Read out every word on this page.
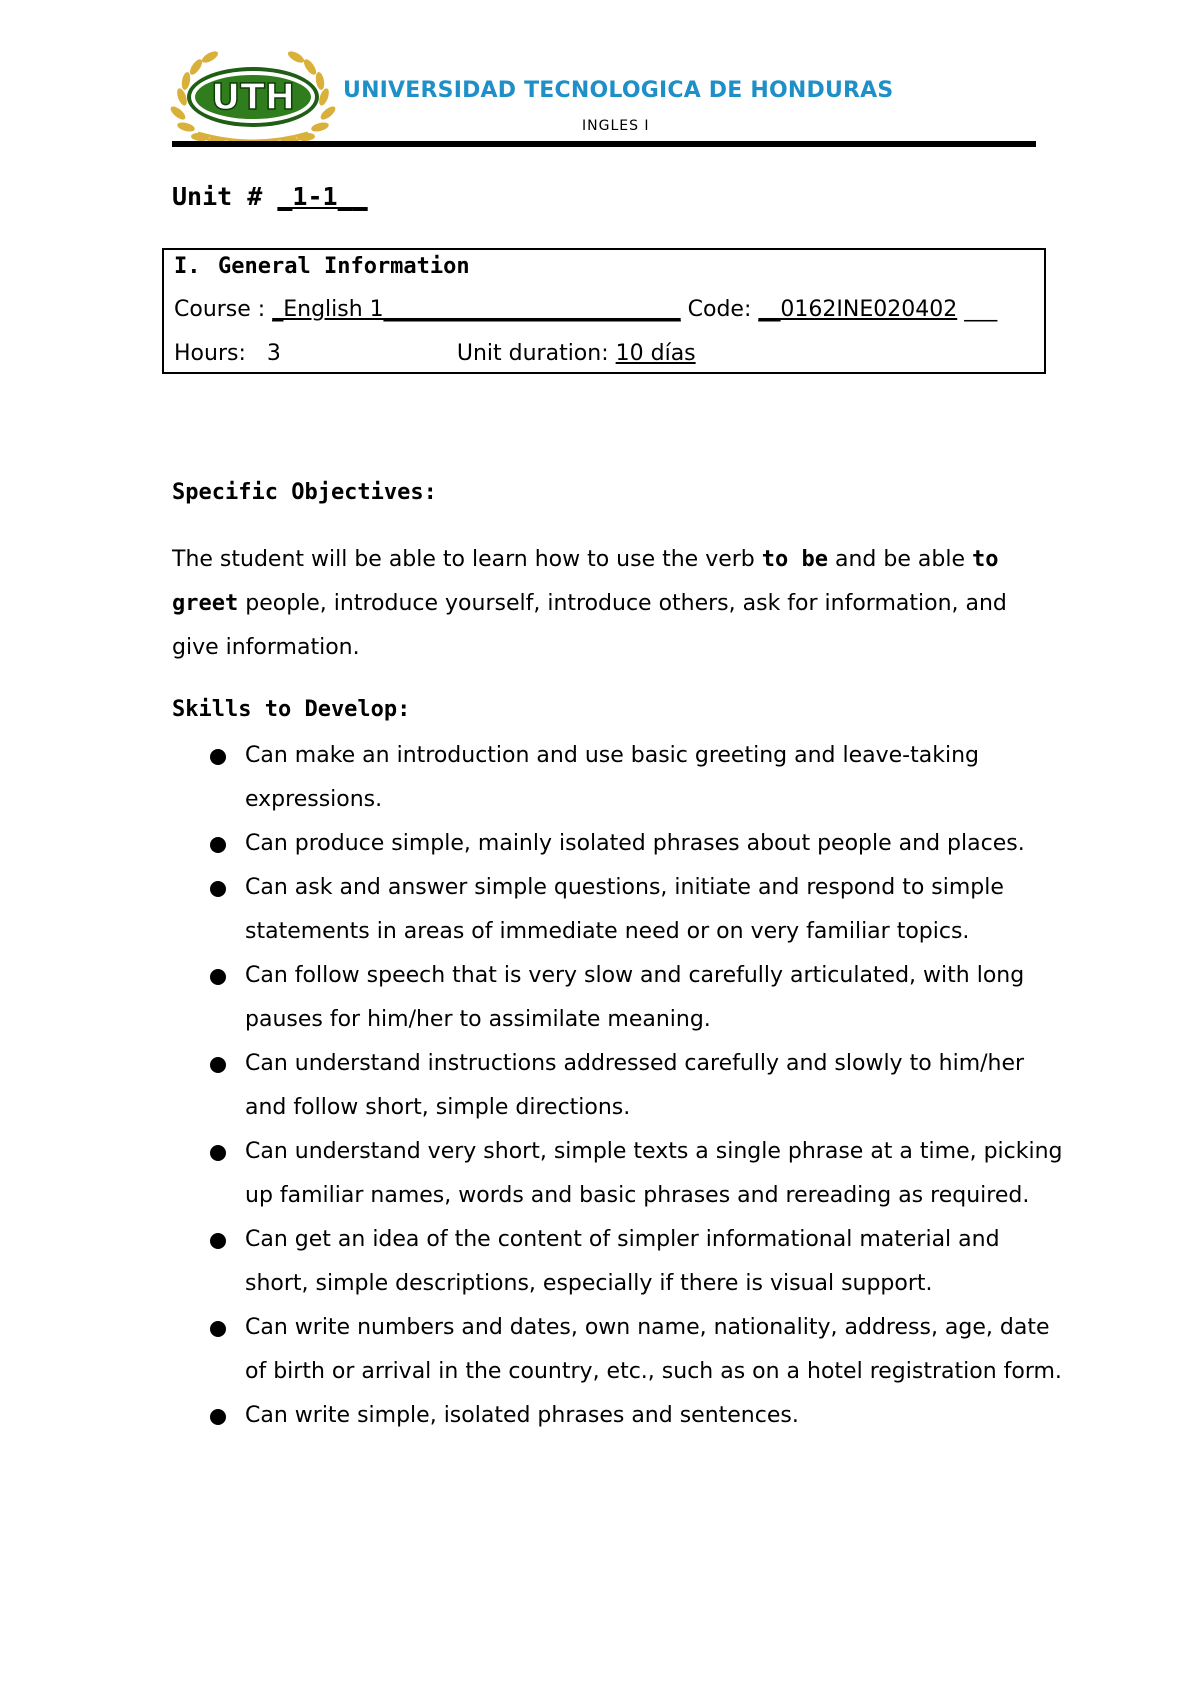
UTH UNIVERSIDAD TECNOLOGICA DE HONDURAS
INGLES I
Unit # _1-1__
I. General Information
Course : _English 1___________________________ Code: __0162INE020402 ___
Hours:   3	Unit duration: 10 días
Specific Objectives:

The student will be able to learn how to use the verb to be and be able to greet people, introduce yourself, introduce others, ask for information, and give information.

Skills to Develop:
Can make an introduction and use basic greeting and leave-taking expressions.
Can produce simple, mainly isolated phrases about people and places.
Can ask and answer simple questions, initiate and respond to simple statements in areas of immediate need or on very familiar topics.
Can follow speech that is very slow and carefully articulated, with long pauses for him/her to assimilate meaning.
Can understand instructions addressed carefully and slowly to him/her and follow short, simple directions.
Can understand very short, simple texts a single phrase at a time, picking up familiar names, words and basic phrases and rereading as required.
Can get an idea of the content of simpler informational material and short, simple descriptions, especially if there is visual support.
Can write numbers and dates, own name, nationality, address, age, date of birth or arrival in the country, etc., such as on a hotel registration form.
Can write simple, isolated phrases and sentences.
